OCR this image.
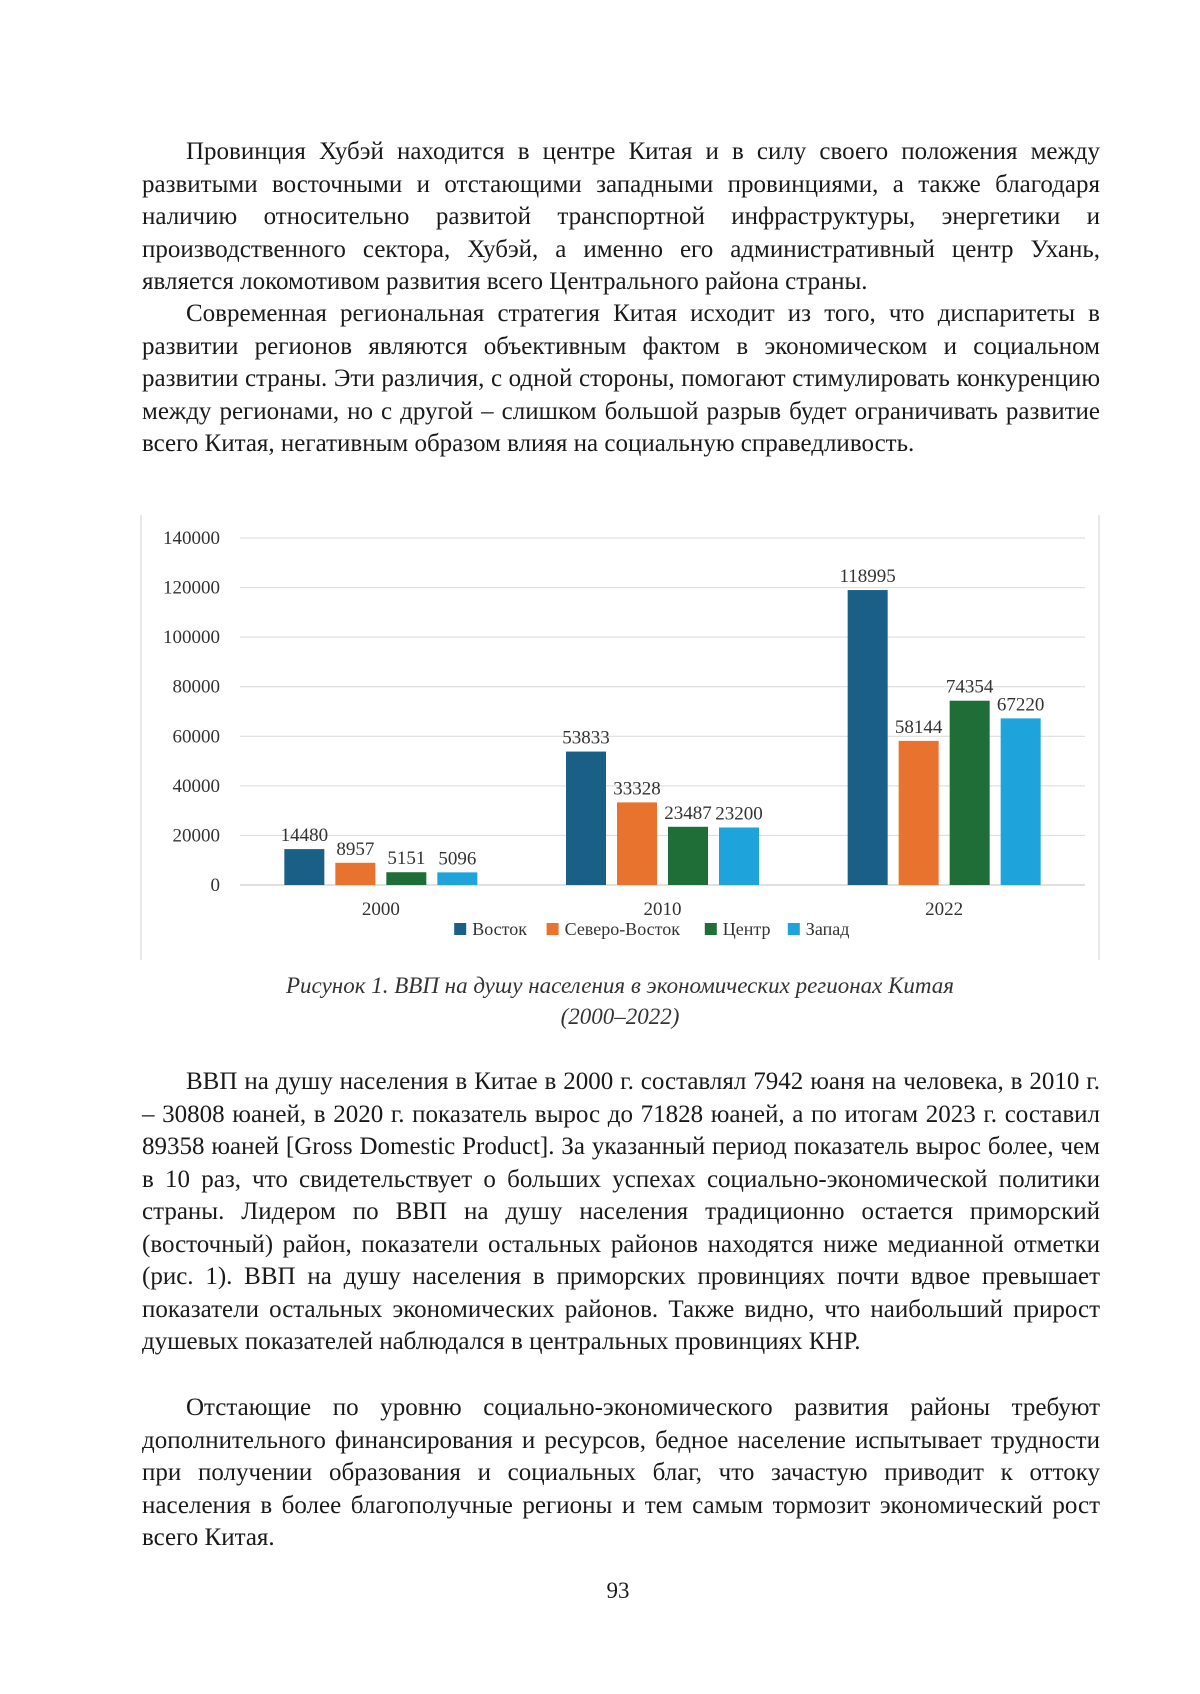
Провинция Хубэй находится в центре Китая и в силу своего положения между развитыми восточными и отстающими западными провинциями, а также благодаря наличию относительно развитой транспортной инфраструктуры, энергетики и производственного сектора, Хубэй, а именно его административный центр Ухань, является локомотивом развития всего Центрального района страны.

Современная региональная стратегия Китая исходит из того, что диспаритеты в развитии регионов являются объективным фактом в экономическом и социальном развитии страны. Эти различия, с одной стороны, помогают стимулировать конкуренцию между регионами, но с другой – слишком большой разрыв будет ограничивать развитие всего Китая, негативным образом влияя на социальную справедливость.

0
20000
40000
60000
80000
100000
120000
140000
14480
8957 5151 5096
2000
53833
33328
23487 23200
2010
118995
58144
74354
67220
2022
Восток Северо-Восток Центр Запад

Рисунок 1. ВВП на душу населения в экономических регионах Китая

(2000–2022)

ВВП на душу населения в Китае в 2000 г. составлял 7942 юаня на человека, в 2010 г. – 30808 юаней, в 2020 г. показатель вырос до 71828 юаней, а по итогам 2023 г. составил 89358 юаней [Gross Domestic Product]. За указанный период показатель вырос более, чем в 10 раз, что свидетельствует о больших успехах социально-экономической политики страны. Лидером по ВВП на душу населения традиционно остается приморский (восточный) район, показатели остальных районов находятся ниже медианной отметки (рис. 1). ВВП на душу населения в приморских провинциях почти вдвое превышает показатели остальных экономических районов. Также видно, что наибольший прирост душевых показателей наблюдался в центральных провинциях КНР.

Отстающие по уровню социально-экономического развития районы требуют дополнительного финансирования и ресурсов, бедное население испытывает трудности при получении образования и социальных благ, что зачастую приводит к оттоку населения в более благополучные регионы и тем самым тормозит экономический рост всего Китая.

93
